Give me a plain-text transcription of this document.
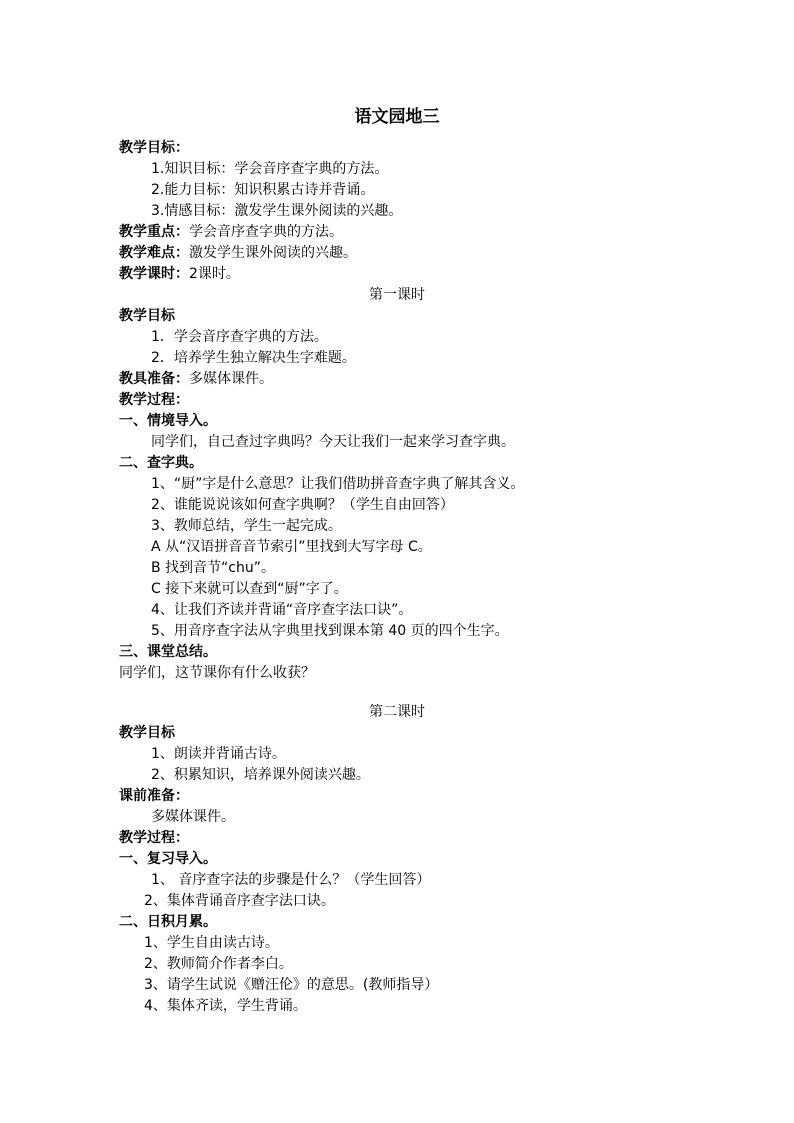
语文园地三
教学目标：
1.知识目标：学会音序查字典的方法。
2.能力目标：知识积累古诗并背诵。
3.情感目标：激发学生课外阅读的兴趣。
教学重点：学会音序查字典的方法。
教学难点：激发学生课外阅读的兴趣。
教学课时：2课时。
第一课时
教学目标
1．学会音序查字典的方法。
2．培养学生独立解决生字难题。
教具准备：多媒体课件。
教学过程：
一、情境导入。
同学们，自己查过字典吗？今天让我们一起来学习查字典。
二、查字典。
1、“厨”字是什么意思？让我们借助拼音查字典了解其含义。
2、谁能说说该如何查字典啊？（学生自由回答）
3、教师总结，学生一起完成。
A 从“汉语拼音音节索引”里找到大写字母 C。
B 找到音节“chu”。
C 接下来就可以查到“厨”字了。
4、让我们齐读并背诵“音序查字法口诀”。
5、用音序查字法从字典里找到课本第 40 页的四个生字。
三、课堂总结。
同学们，这节课你有什么收获？
第二课时
教学目标
1、朗读并背诵古诗。
2、积累知识，培养课外阅读兴趣。
课前准备：
多媒体课件。
教学过程：
一、复习导入。
1、 音序查字法的步骤是什么？（学生回答）
2、集体背诵音序查字法口诀。
二、日积月累。
1、学生自由读古诗。
2、教师简介作者李白。
3、请学生试说《赠汪伦》的意思。(教师指导）
4、集体齐读，学生背诵。
